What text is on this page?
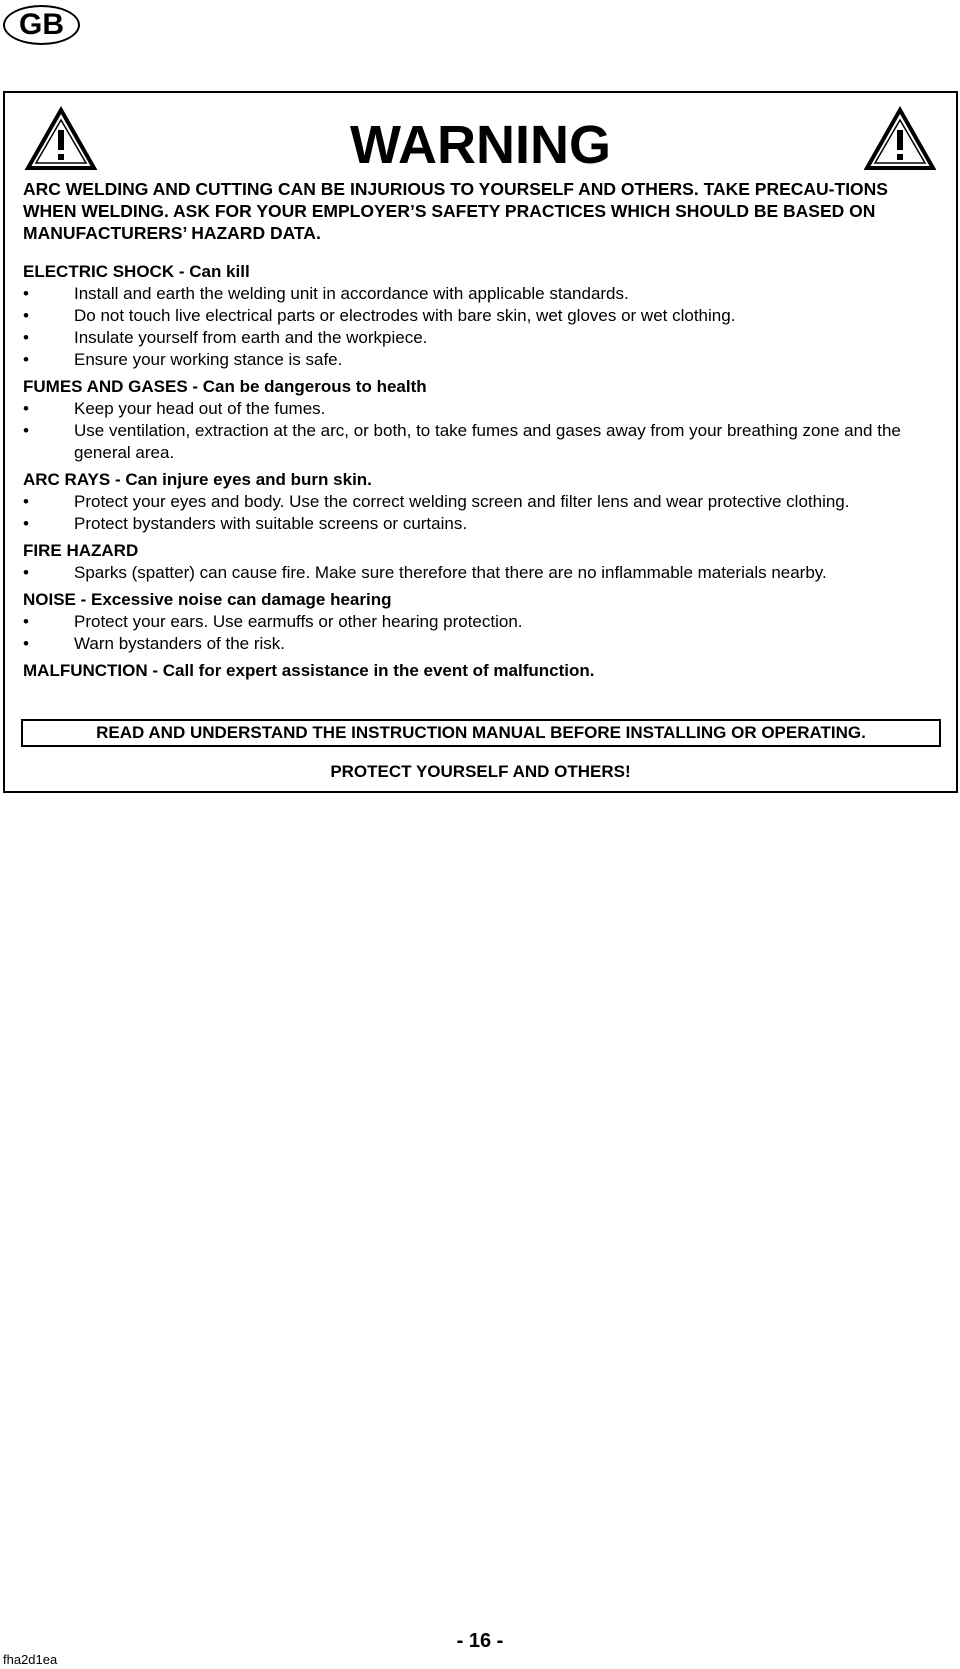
GB
WARNING
ARC WELDING AND CUTTING CAN BE INJURIOUS TO YOURSELF AND OTHERS. TAKE PRECAU-TIONS WHEN WELDING. ASK FOR YOUR EMPLOYER’S SAFETY PRACTICES WHICH SHOULD BE BASED ON MANUFACTURERS’ HAZARD DATA.
ELECTRIC SHOCK - Can kill
•	Install and earth the welding unit in accordance with applicable standards.
•	Do not touch live electrical parts or electrodes with bare skin, wet gloves or wet clothing.
•	Insulate yourself from earth and the workpiece.
•	Ensure your working stance is safe.
FUMES AND GASES - Can be dangerous to health
•	Keep your head out of the fumes.
•	Use ventilation, extraction at the arc, or both, to take fumes and gases away from your breathing zone and the general area.
ARC RAYS - Can injure eyes and burn skin.
•	Protect your eyes and body. Use the correct welding screen and filter lens and wear protective clothing.
•	Protect bystanders with suitable screens or curtains.
FIRE HAZARD
•	Sparks (spatter) can cause fire. Make sure therefore that there are no inflammable materials nearby.
NOISE - Excessive noise can damage hearing
•	Protect your ears. Use earmuffs or other hearing protection.
•	Warn bystanders of the risk.
MALFUNCTION - Call for expert assistance in the event of malfunction.
READ AND UNDERSTAND THE INSTRUCTION MANUAL BEFORE INSTALLING OR OPERATING.
PROTECT YOURSELF AND OTHERS!
- 16 -
fha2d1ea
